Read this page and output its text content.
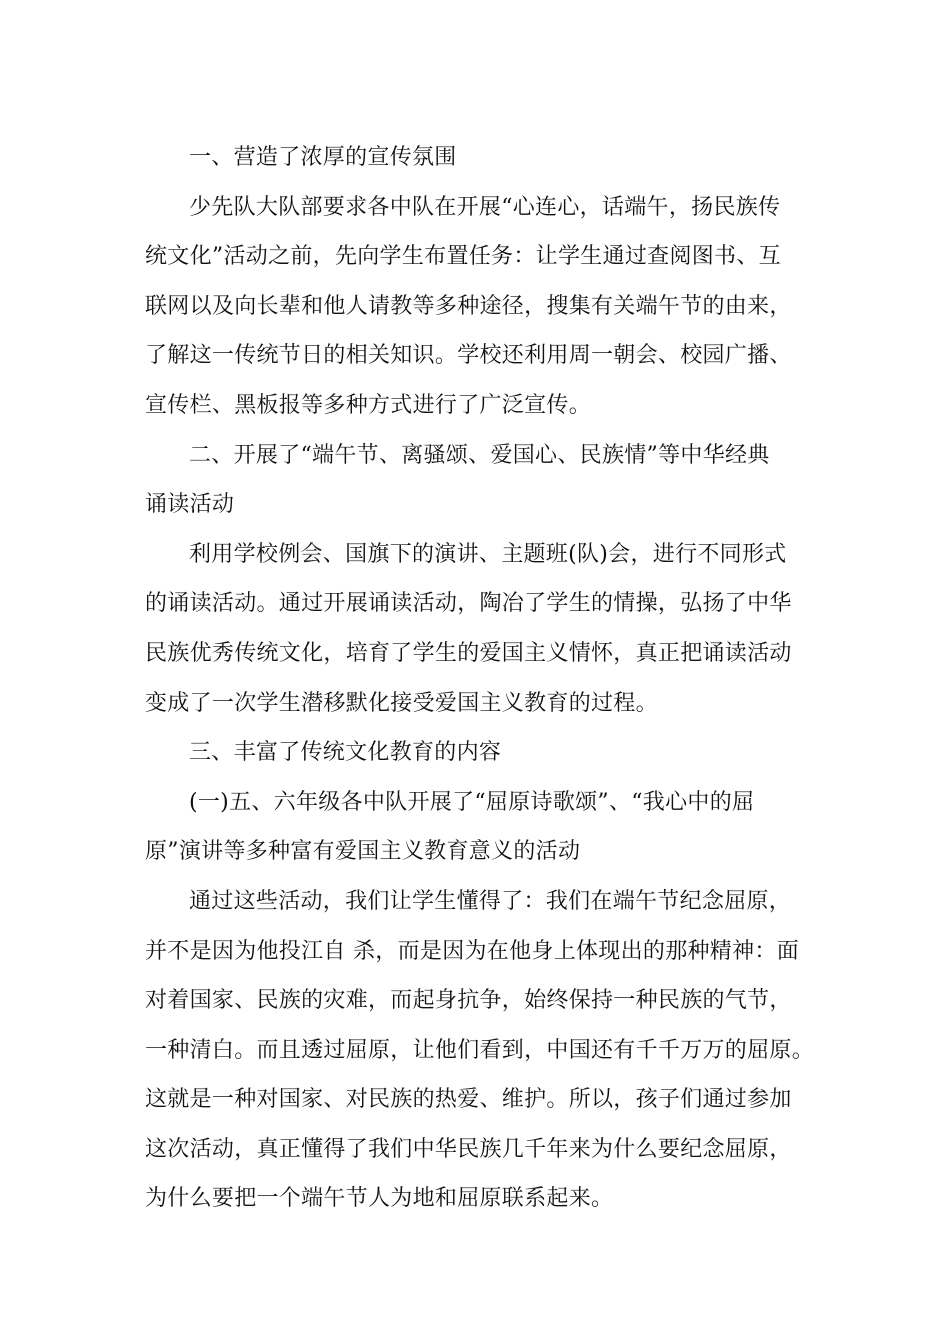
一、营造了浓厚的宣传氛围
少先队大队部要求各中队在开展“心连心，话端午，扬民族传
统文化”活动之前，先向学生布置任务：让学生通过查阅图书、互
联网以及向长辈和他人请教等多种途径，搜集有关端午节的由来，
了解这一传统节日的相关知识。学校还利用周一朝会、校园广播、
宣传栏、黑板报等多种方式进行了广泛宣传。
二、开展了“端午节、离骚颂、爱国心、民族情”等中华经典
诵读活动
利用学校例会、国旗下的演讲、主题班(队)会，进行不同形式
的诵读活动。通过开展诵读活动，陶冶了学生的情操，弘扬了中华
民族优秀传统文化，培育了学生的爱国主义情怀，真正把诵读活动
变成了一次学生潜移默化接受爱国主义教育的过程。
三、丰富了传统文化教育的内容
(一)五、六年级各中队开展了“屈原诗歌颂”、“我心中的屈
原”演讲等多种富有爱国主义教育意义的活动
通过这些活动，我们让学生懂得了：我们在端午节纪念屈原，
并不是因为他投江自 杀，而是因为在他身上体现出的那种精神：面
对着国家、民族的灾难，而起身抗争，始终保持一种民族的气节，
一种清白。而且透过屈原，让他们看到，中国还有千千万万的屈原。
这就是一种对国家、对民族的热爱、维护。所以，孩子们通过参加
这次活动，真正懂得了我们中华民族几千年来为什么要纪念屈原，
为什么要把一个端午节人为地和屈原联系起来。
